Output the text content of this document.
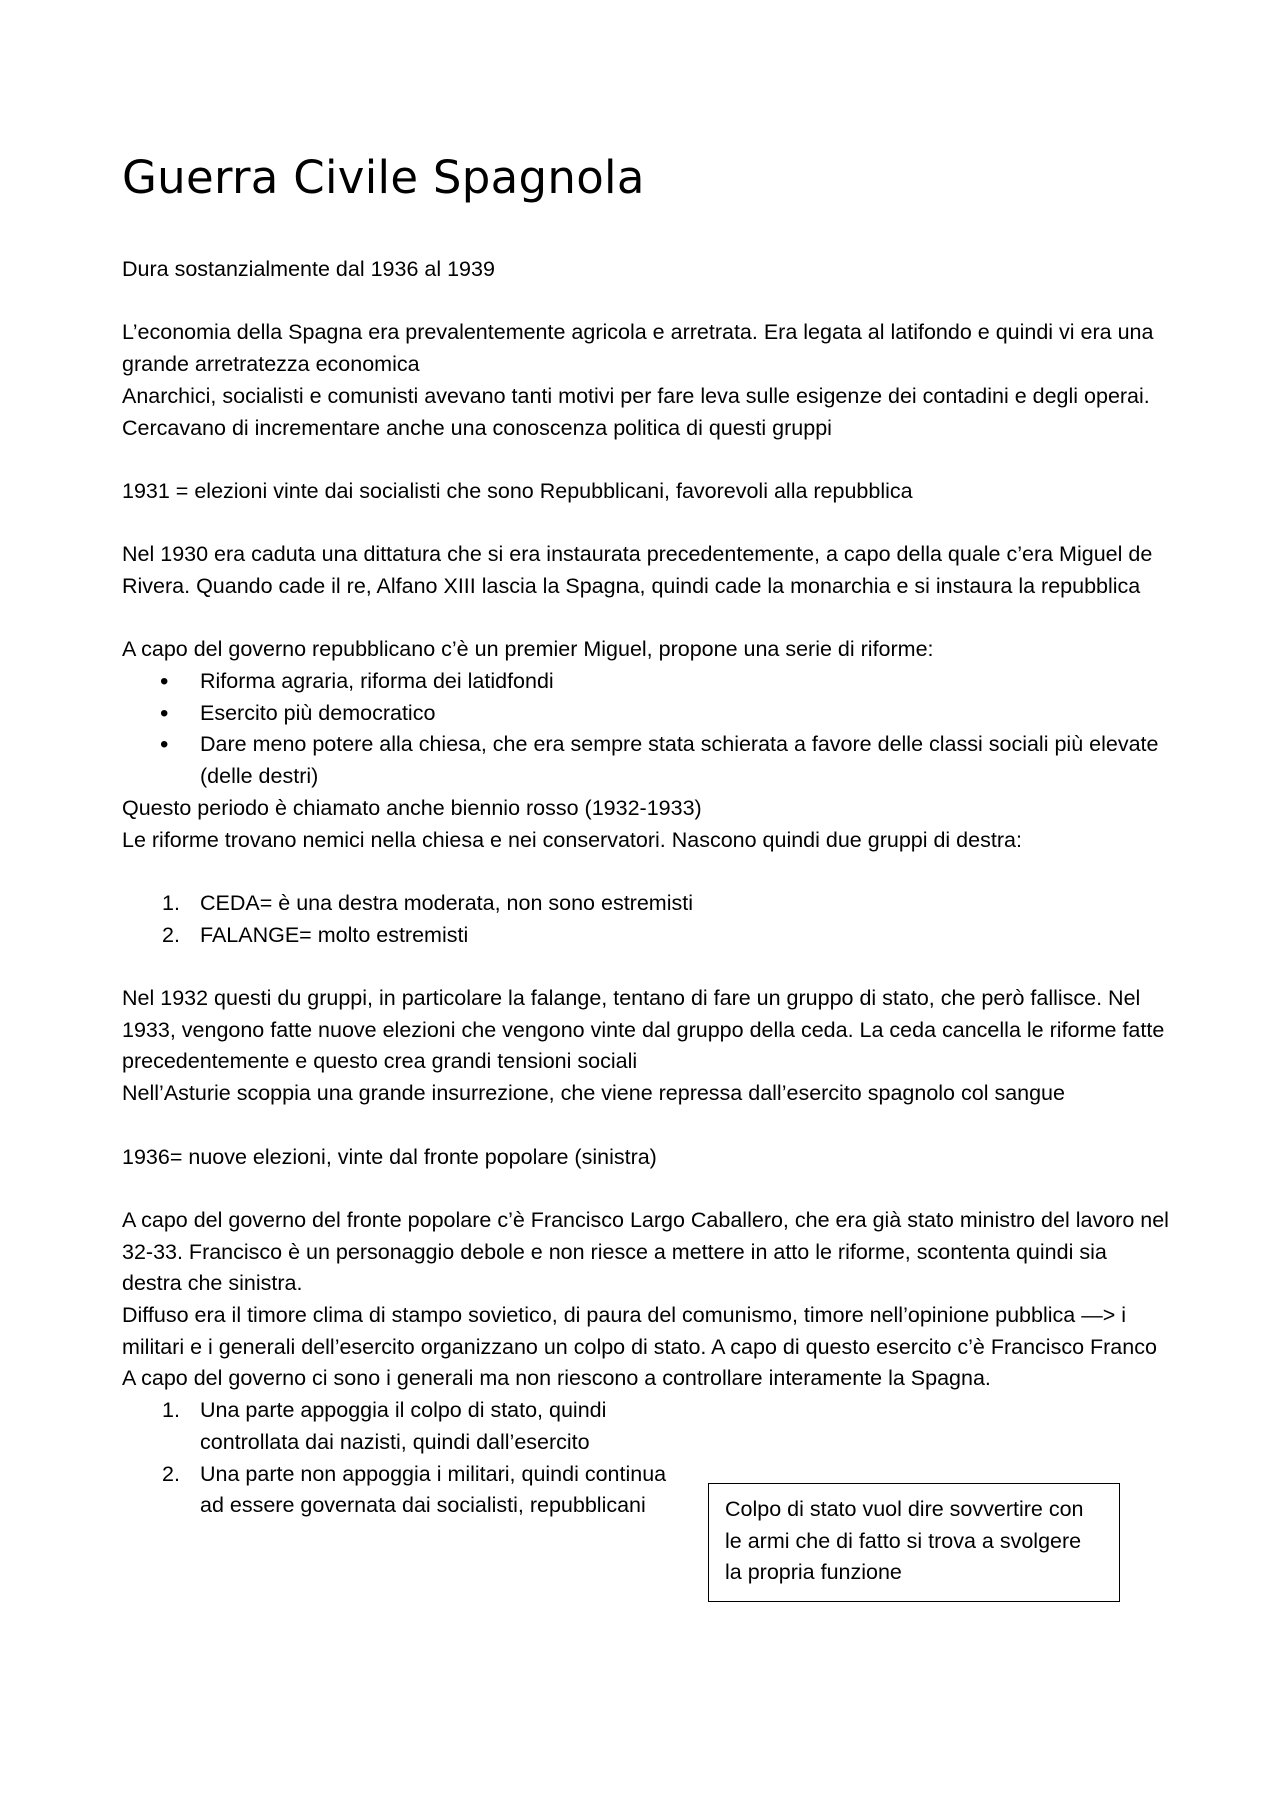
Guerra Civile Spagnola

Dura sostanzialmente dal 1936 al 1939

L’economia della Spagna era prevalentemente agricola e arretrata. Era legata al latifondo e quindi vi era una grande arretratezza economica

Anarchici, socialisti e comunisti avevano tanti motivi per fare leva sulle esigenze dei contadini e degli operai. Cercavano di incrementare anche una conoscenza politica di questi gruppi

1931 = elezioni vinte dai socialisti che sono Repubblicani, favorevoli alla repubblica

Nel 1930 era caduta una dittatura che si era instaurata precedentemente, a capo della quale c’era Miguel de Rivera. Quando cade il re, Alfano XIII lascia la Spagna, quindi cade la monarchia e si instaura la repubblica

A capo del governo repubblicano c’è un premier Miguel, propone una serie di riforme:

• Riforma agraria, riforma dei latidfondi
• Esercito più democratico
• Dare meno potere alla chiesa, che era sempre stata schierata a favore delle classi sociali più elevate (delle destri)

Questo periodo è chiamato anche biennio rosso (1932-1933)

Le riforme trovano nemici nella chiesa e nei conservatori. Nascono quindi due gruppi di destra:

1. CEDA= è una destra moderata, non sono estremisti
2. FALANGE= molto estremisti

Nel 1932 questi du gruppi, in particolare la falange, tentano di fare un gruppo di stato, che però fallisce. Nel 1933, vengono fatte nuove elezioni che vengono vinte dal gruppo della ceda. La ceda cancella le riforme fatte precedentemente e questo crea grandi tensioni sociali

Nell’Asturie scoppia una grande insurrezione, che viene repressa dall’esercito spagnolo col sangue

1936= nuove elezioni, vinte dal fronte popolare (sinistra)

A capo del governo del fronte popolare c’è Francisco Largo Caballero, che era già stato ministro del lavoro nel 32-33. Francisco è un personaggio debole e non riesce a mettere in atto le riforme, scontenta quindi sia destra che sinistra.

Diffuso era il timore clima di stampo sovietico, di paura del comunismo, timore nell’opinione pubblica —> i militari e i generali dell’esercito organizzano un colpo di stato. A capo di questo esercito c’è Francisco Franco

A capo del governo ci sono i generali ma non riescono a controllare interamente la Spagna.

1. Una parte appoggia il colpo di stato, quindi controllata dai nazisti, quindi dall’esercito
2. Una parte non appoggia i militari, quindi continua ad essere governata dai socialisti, repubblicani	Colpo di stato vuol dire sovvertire con le armi che di fatto si trova a svolgere la propria funzione
